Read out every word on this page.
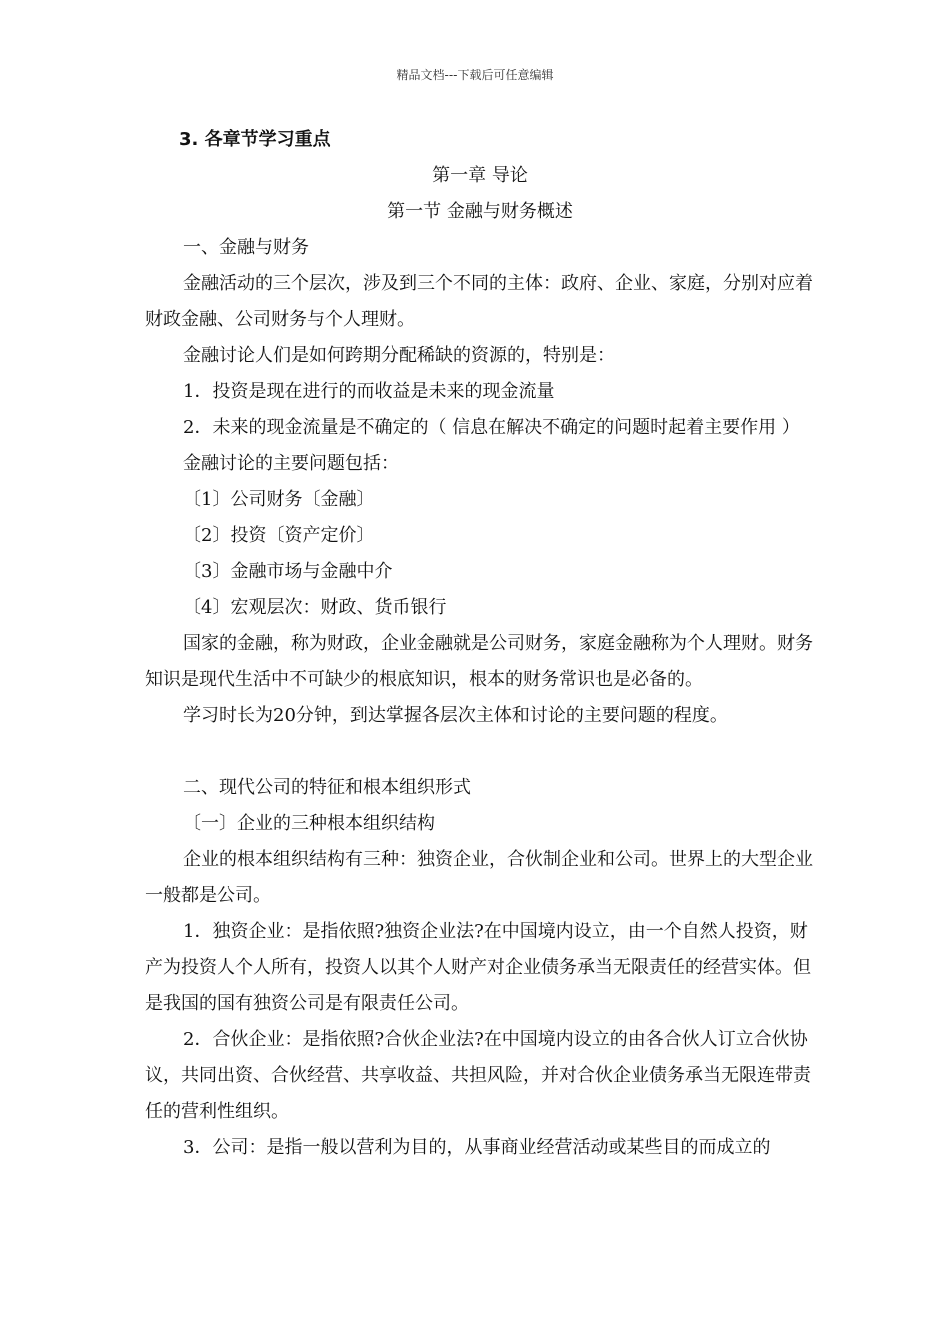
精品文档---下载后可任意编辑

3. 各章节学习重点

第一章 导论

第一节 金融与财务概述

一、金融与财务

金融活动的三个层次，涉及到三个不同的主体：政府、企业、家庭，分别对应着财政金融、公司财务与个人理财。

金融讨论人们是如何跨期分配稀缺的资源的，特别是：

1．投资是现在进行的而收益是未来的现金流量

2．未来的现金流量是不确定的（ 信息在解决不确定的问题时起着主要作用 ）

金融讨论的主要问题包括：

〔1〕公司财务〔金融〕

〔2〕投资〔资产定价〕

〔3〕金融市场与金融中介

〔4〕宏观层次：财政、货币银行

国家的金融，称为财政，企业金融就是公司财务，家庭金融称为个人理财。财务知识是现代生活中不可缺少的根底知识，根本的财务常识也是必备的。

学习时长为20分钟，到达掌握各层次主体和讨论的主要问题的程度。

二、现代公司的特征和根本组织形式

〔一〕企业的三种根本组织结构

企业的根本组织结构有三种：独资企业，合伙制企业和公司。世界上的大型企业一般都是公司。

1．独资企业：是指依照?独资企业法?在中国境内设立，由一个自然人投资，财产为投资人个人所有，投资人以其个人财产对企业债务承当无限责任的经营实体。但是我国的国有独资公司是有限责任公司。

2．合伙企业：是指依照?合伙企业法?在中国境内设立的由各合伙人订立合伙协议，共同出资、合伙经营、共享收益、共担风险，并对合伙企业债务承当无限连带责任的营利性组织。

3．公司：是指一般以营利为目的，从事商业经营活动或某些目的而成立的
